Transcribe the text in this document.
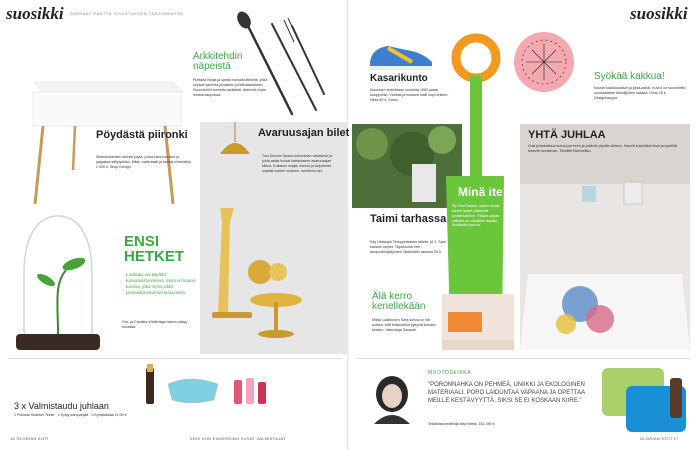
suosikki PARHAAT PÄÄTTÄ SISUSTUKSEN TARJONNASTA
Pöydästä piironki
Skandinaavisen selkeä pöytä, jonka kansi nousee ja paljastaa säilytystilan. Mitat, materiaalit ja kaunis viimeistely. 2 400 e, Shop Design.
Arkkitehdin näpeistä
Puhtaita linjoja ja upeita ruokailuvälineitä, jotka sopivat kauniisti jokaiseen juhlakattaukseen. Suunnitellut tunnettu arkkitehti. Aterimet myös muista kaupoista.
Avaruusajan bilet
Tom Dixonin Space-kokoelman valaisimet ja juhla-astiat tuovat kattaukseen avaruusajan kiiltoa. Kultaiset maljat, kannut ja tarjottimet sopivat uuteen vuoteen. tomdixon.net
ENSI HETKET
Lasikupu voi käyttää kasvatuskammiona. Siinä on kaunis kasvaa, joka myös pitää pienoiskasvit ilman kuivumista.
Gro- ja Candles-Wetterlagin kasvu näkyy kuvassa.
3 x Valmistaudu juhlaan
1 Pullosta Shakker Teese · 2 Kylpy-sampanjaa · 3 Kynsilakkaa 12,00 e
16 GLORIAN KOTI	IIRIS VON ENGERKING KUVAT VALMISTAJAT
suosikki
Kasarikunto
Klassinen lenkkitossu vuodelta 1982 palaa kauppoihin. Värikäs ja mukava malli sopii arkeen. Hinta 90 e, Karhu.
Syökää kakkua!
Kauniit kakkulautaset ja juhla-astiat. Kuviot on suunniteltu suomalaisten taiteilijoiden kanssa. Hinta 25 e, Designkauppa.
YHTÄ JUHLAA
Uusi juhlakattaus kokosi perheen ja ystävät pöydän ääreen. Kauniit kuviolliset liinat ja kynttilät tekevät tunnelman. Tekstiilit Marimekko.
Taimi tarhassa
Käy Helsingin Tempperilaisen tallella 16.3. Saat kasvien taimet. Tapahtuma free -kaupunkiviljelijöiden Taidehallin asioista 26.5.
Minä ite
My First Fiskars -lapion avulla pienet lapset pääsevät puutarhatöihin. Fiskars-sarjan välineet on mitoitettu lapsille. Kestävää muovia.
Älä kerro kenellekään
Mikko Laakkosen Sara sohva on niin korkea, että keskustelut pysyvät kahden kesken. Valmistaja Sasarafi.
MUOTOSEIKKA
"PORONNAHKA ON PEHMEÄ, UNIIKKI JA EKOLOGINEN MATERIAALI. PORO LAIDUNTAA VAPAANA JA OPETTAA MEILLE KESTÄVYYTTÄ. SIKSI SE EI KOSKAAN KIIRE."
Tekstiilisuunnittelija Mari Mettä, 182-390 e
GLORIAN KOTI 17
